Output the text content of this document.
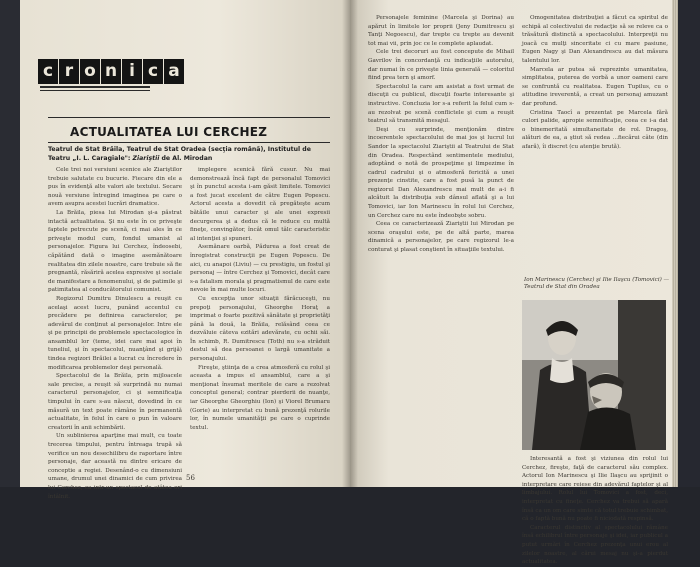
c r o n i c a
ACTUALITATEA LUI CERCHEZ

Teatrul de Stat Brăila, Teatrul de Stat Oradea (secţia română), Institutul de Teatru „I. L. Caragiale": Ziariştii de Al. Mirodan

Cele trei noi versiuni scenice ale Ziariştilor trebuie salutate cu bucurie. Fiecare din ele a pus în evidenţă alte valori ale textului. Secare nouă versiune întregind imaginea pe care o avem asupra acestei lucrări dramatice.

La Brăila, piesa lui Mirodan şi-a păstrat intactă actualitatea. Şi nu este în ce priveşte faptele petrecute pe scenă, ci mai ales în ce priveşte modul cum, fondul umanist al personajelor. Figura lui Cerchez, îndeosebi, căpătând dată o imagine asemănătoare realitatea din zilele noastre, care trebuie să fie pregnantă, răsăriră acelea expresive şi sociale de manifestare a fenomenului, şi de patimile şi patimitatea al conducătorului comunist.

Regizorul Dumitru Dinulescu a reuşit cu acelaşi acest lucru, punând accentul cu precădere pe definirea caracterelor, pe adevărul de conţinut al personajelor. Intre ele şi pe principii de problemele spectacologice în ansamblul lor (teme, idei care mai apoi în tuneliul, şi în spectacolul, nuanţând şi grijă) tindea regizori Brăilei a lucrat cu încredere în modificarea problemelor deşi personală.

Spectacolul de la Brăila, prin mijloacele sale precise, a reuşit să surprindă nu numai caracterul personajelor, ci şi semnificaţia timpului în care s-au născut, dovedind în ce măsură un text poate rămâne în permanentă actualitate, în felul în care o pun în valoare creatorii în anii schimbării.

Un sublinierea aparţine mai mult, cu toate trecerea timpului, pentru întreaga trupă să verifice un nou desechilibru de raportare între personaje, dar această nu dintre ericare de conceptie a regiei. Desenând-o cu dimensiuni umane, drumul unei dinamici de cum privirea lui Cerchez, ca intr-un spectacol de atâtea ori întâlnit.

implegere scenică fără cusur. Nu mai demonstrează încă fapt de personalul Tomovici şi în punctul acesta i-am găsit limitele. Tomovici a fost jucat excelent de către Eugen Popescu. Actorul acesta a dovedit că pregăteşte acum bătăile unui caracter şi ale unei expresii decurgerea şi a dedus că le reduce cu multă fineţe, convingător, încât omul tâlc caracteristic al intenţiei şi spuneri.

Asemănare oarbă, Pădurea a fost creat de înregistrat construcţii pe Eugen Popescu. De aici, cu anapoi (Liviu) — cu prestigiu, un fostul şi personaj — între Cerchez şi Tomovici, decât care s-a fatalism morala şi pragmatismul de care este nevoie în mai multe locuri.

Cu excepţia unor situaţii fărăcuceşti, nu prepoţi personajului, Gheorghe Horaţ a imprimat o foarte pozitivă sănătate şi proprietăţi până la două, la Brăila, relăsând ceea ce dezvăluie câteva ezitări adevărate, cu ochii săi. În schimb, R. Dumitrescu (Toth) nu s-a străduit destul să dea persoanei o largă umanitate a personajului.

Fireşte, ştiinţa de a crea atmosferă cu rolul şi aceasta a impus el ansamblul, care a şi menţionat însumat meritele de care a rezolvat conceptul general; contrar pierderii de nuanţe, iar Gheorghe Gheorghiu (Ion) şi Viorel Brumaru (Gorie) au interpretat cu bună prezenţă rolurile lor, în numele umanităţii pe care o cuprinde textul.

56

Personajele feminine (Marcela şi Dorina) au apărut în limitele lor proprii (Jeny Dumitrescu şi Tanţi Negoescu), dar trepte cu trepte au devenit tot mai vii, prin joc ce le complete aplaudat.

Cele trei decoruri au fost concepute de Mihail Gavrilov în concordanţă cu indicaţiile autorului, dar numai în ce priveşte linia generală — coloritul fiind prea tern şi amorf.

Spectacolul la care am asistat a fost urmat de discuţii cu publicul, discuţii foarte interesante şi instructive. Concluzia lor s-a referit la felul cum s-au rezolvat pe scenă conflictele şi cum a reuşit teatrul să transmită mesajul.

Deşi cu surprinde, menţionăm dintre incoerentele spectacolului de mai jos şi lucrul lui Sandor la spectacolul Ziariştii al Teatrului de Stat din Oradea. Respectând sentimentele mediului, adoptând o notă de prospeţime şi limpezime în cadrul cadrului şi o atmosferă fericită a unei prezenţe cinstite, care a fost pusă la punct de regizorul Dan Alexandrescu mai mult de a-i fi alcătuit la distribuţia sub dânsul aflată şi a lui Tomovici, iar Ion Marinescu în rolul lui Cerchez, un Cerchez care nu este îndeobşte sobru.

Ceea ce caracterizează Ziariştii lui Mirodan pe scena oraşului este, pe de altă parte, marea dinamică a personajelor, pe care regizorul le-a conturat şi plasat conştient în situaţiile textului.

Omogenitatea distribuţiei a făcut ca spiritul de echipă al colectivului de redacţie să se releve ca o trăsătură distinctă a spectacolului. Interpreţii nu joacă cu mulţi sinceritate ci cu mare pasiune, Eugen Nagy şi Dan Alexandrescu au dat măsura talentului lor.

Marcela ar putea să reprezinte umanitatea, simplitatea, puterea de vorbă a unor oameni care se confruntă cu realitatea. Eugen Tupilus, cu o atitudine ireverentă, a creat un personaj amuzant dar profund.

Cristina Taocî a prezentat pe Marcela fără culori palide, apropie semnificaţie, ceea ce i-a dat o binemeritată simultaneitate de rol. Dragoş, alături de ea, a ştiut să redea ...fiecărui câte (din afară), îi discret (cu atenţie brută).

Ion Marinescu (Cerchez) şi Ilie Ilaşcu (Tomovici) — Teatrul de Stat din Oradea

Interesantă a fost şi viziunea din rolul lui Cerchez, fireşte, faţă de caracterul său complex. Actorul Ion Marinescu şi Ilie Ilaşcu au sprijinit o interpretare care reiese din adevărul faptelor şi al limbajului. Rolul lui Tomovici a fost, deci, interpretat cu fineţe. Cerchez va trebui să apară însă ca un om care simte că totul trebuie schimbat, că o faptă bună nu poate fi niciodată respinsă.

Caracterul distinctiv al spectacolului rămâne însă echilibrul între personaje şi idei, iar publicul a putut urmări în Cerchez prezenţa unui erou al zilelor noastre, al cărui mesaj nu şi-a pierdut actualitatea.
